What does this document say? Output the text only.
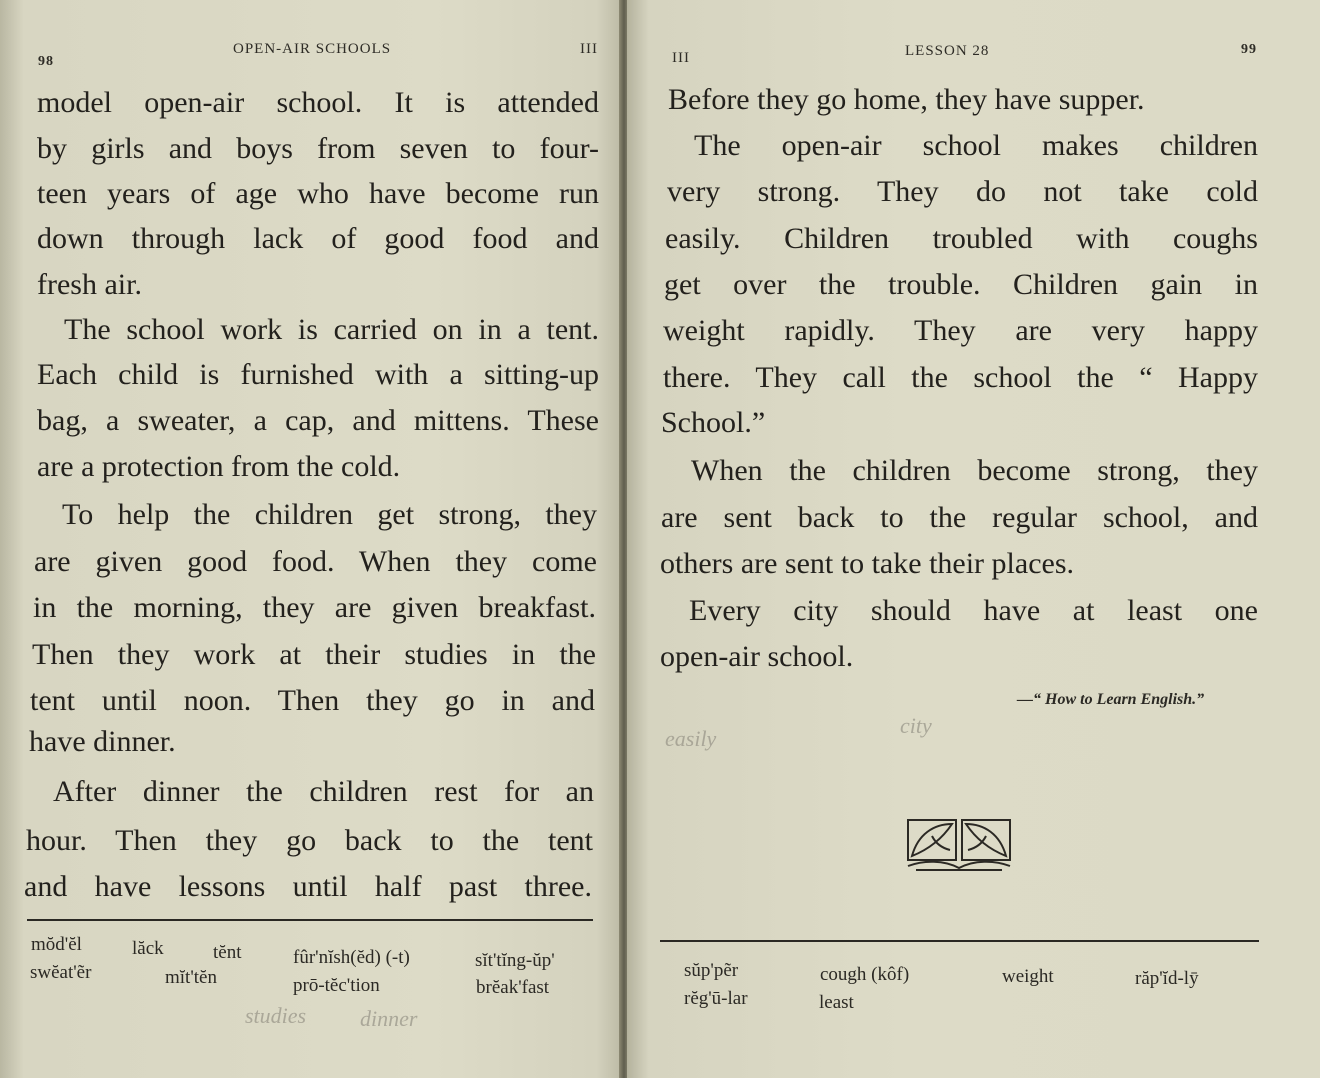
98
OPEN-AIR SCHOOLS	III
model open-air school. It is attended
by girls and boys from seven to four-
teen years of age who have become run
down through lack of good food and
fresh air.
The school work is carried on in a tent.
Each child is furnished with a sitting-up
bag, a sweater, a cap, and mittens. These
are a protection from the cold.
To help the children get strong, they
are given good food. When they come
in the morning, they are given breakfast.
Then they work at their studies in the
tent until noon. Then they go in and
have dinner.
After dinner the children rest for an
hour. Then they go back to the tent
and have lessons until half past three.
mŏd'ĕl	lăck	tĕnt	fûr'nĭsh(ĕd) (-t)	sĭt'tĭng-ŭp'
swĕat'ẽr	mĭt'tĕn	prō-tĕc'tion	brĕak'fast
studies dinner
III	LESSON 28	99
Before they go home, they have supper.
The open-air school makes children
very strong. They do not take cold
easily. Children troubled with coughs
get over the trouble. Children gain in
weight rapidly. They are very happy
there. They call the school the “ Happy
School.”
When the children become strong, they
are sent back to the regular school, and
others are sent to take their places.
Every city should have at least one
open-air school.
—“ How to Learn English.”
easily
city
sŭp'pẽr	cough (kôf)	weight	răp'ĭd-lȳ
rĕg'ū-lar	least
